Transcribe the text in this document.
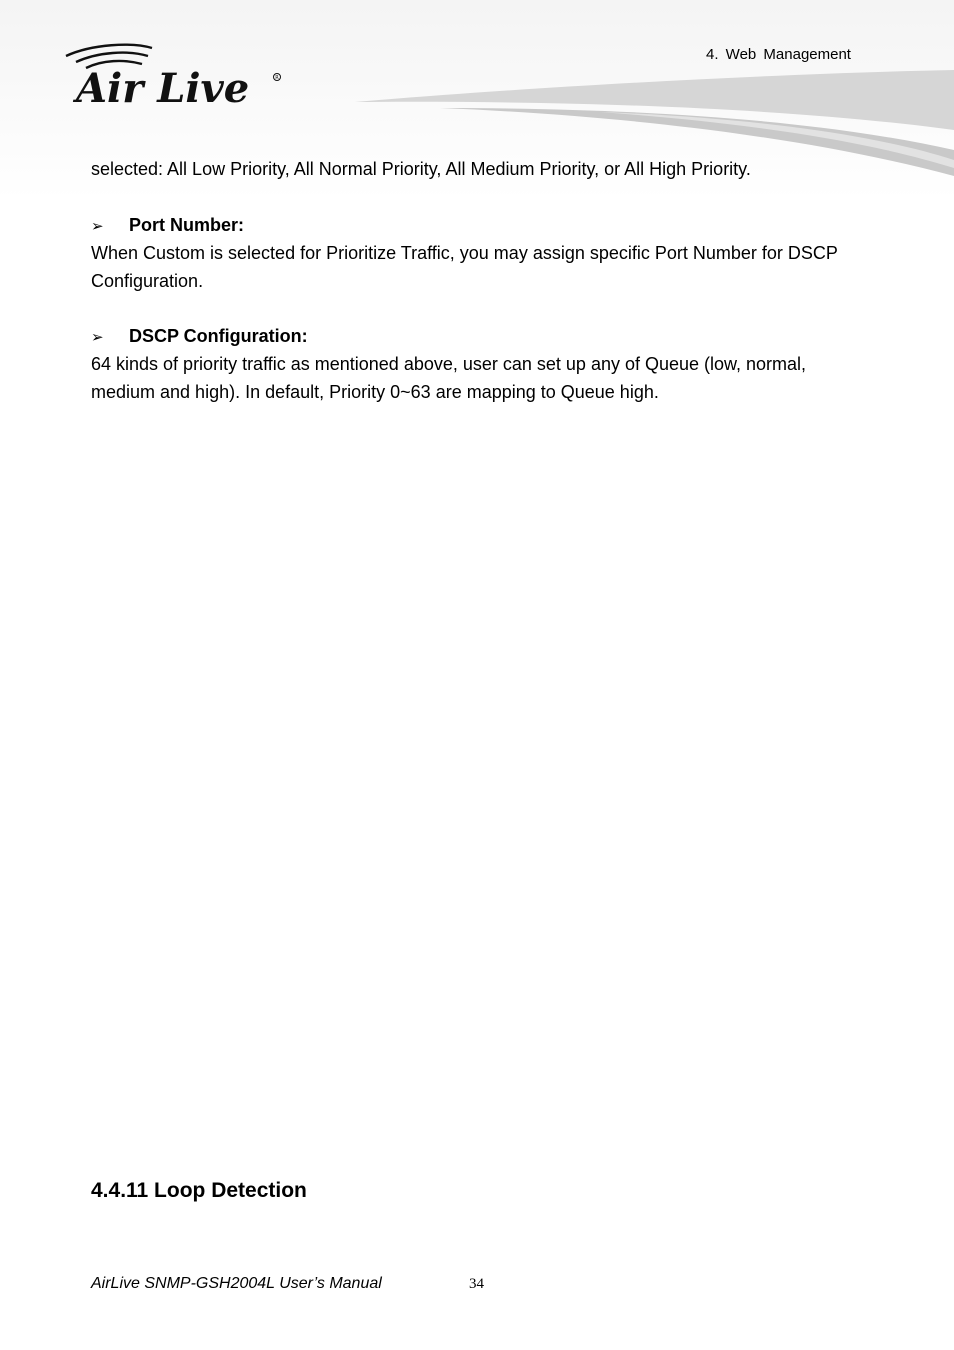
Air Live	R
4. Web Management
selected: All Low Priority, All Normal Priority, All Medium Priority, or All High Priority.
➢ Port Number:
When Custom is selected for Prioritize Traffic, you may assign specific Port Number for DSCP Configuration.
➢ DSCP Configuration:
64 kinds of priority traffic as mentioned above, user can set up any of Queue (low, normal, medium and high). In default, Priority 0~63 are mapping to Queue high.
4.4.11 Loop Detection
AirLive SNMP-GSH2004L User’s Manual	34
